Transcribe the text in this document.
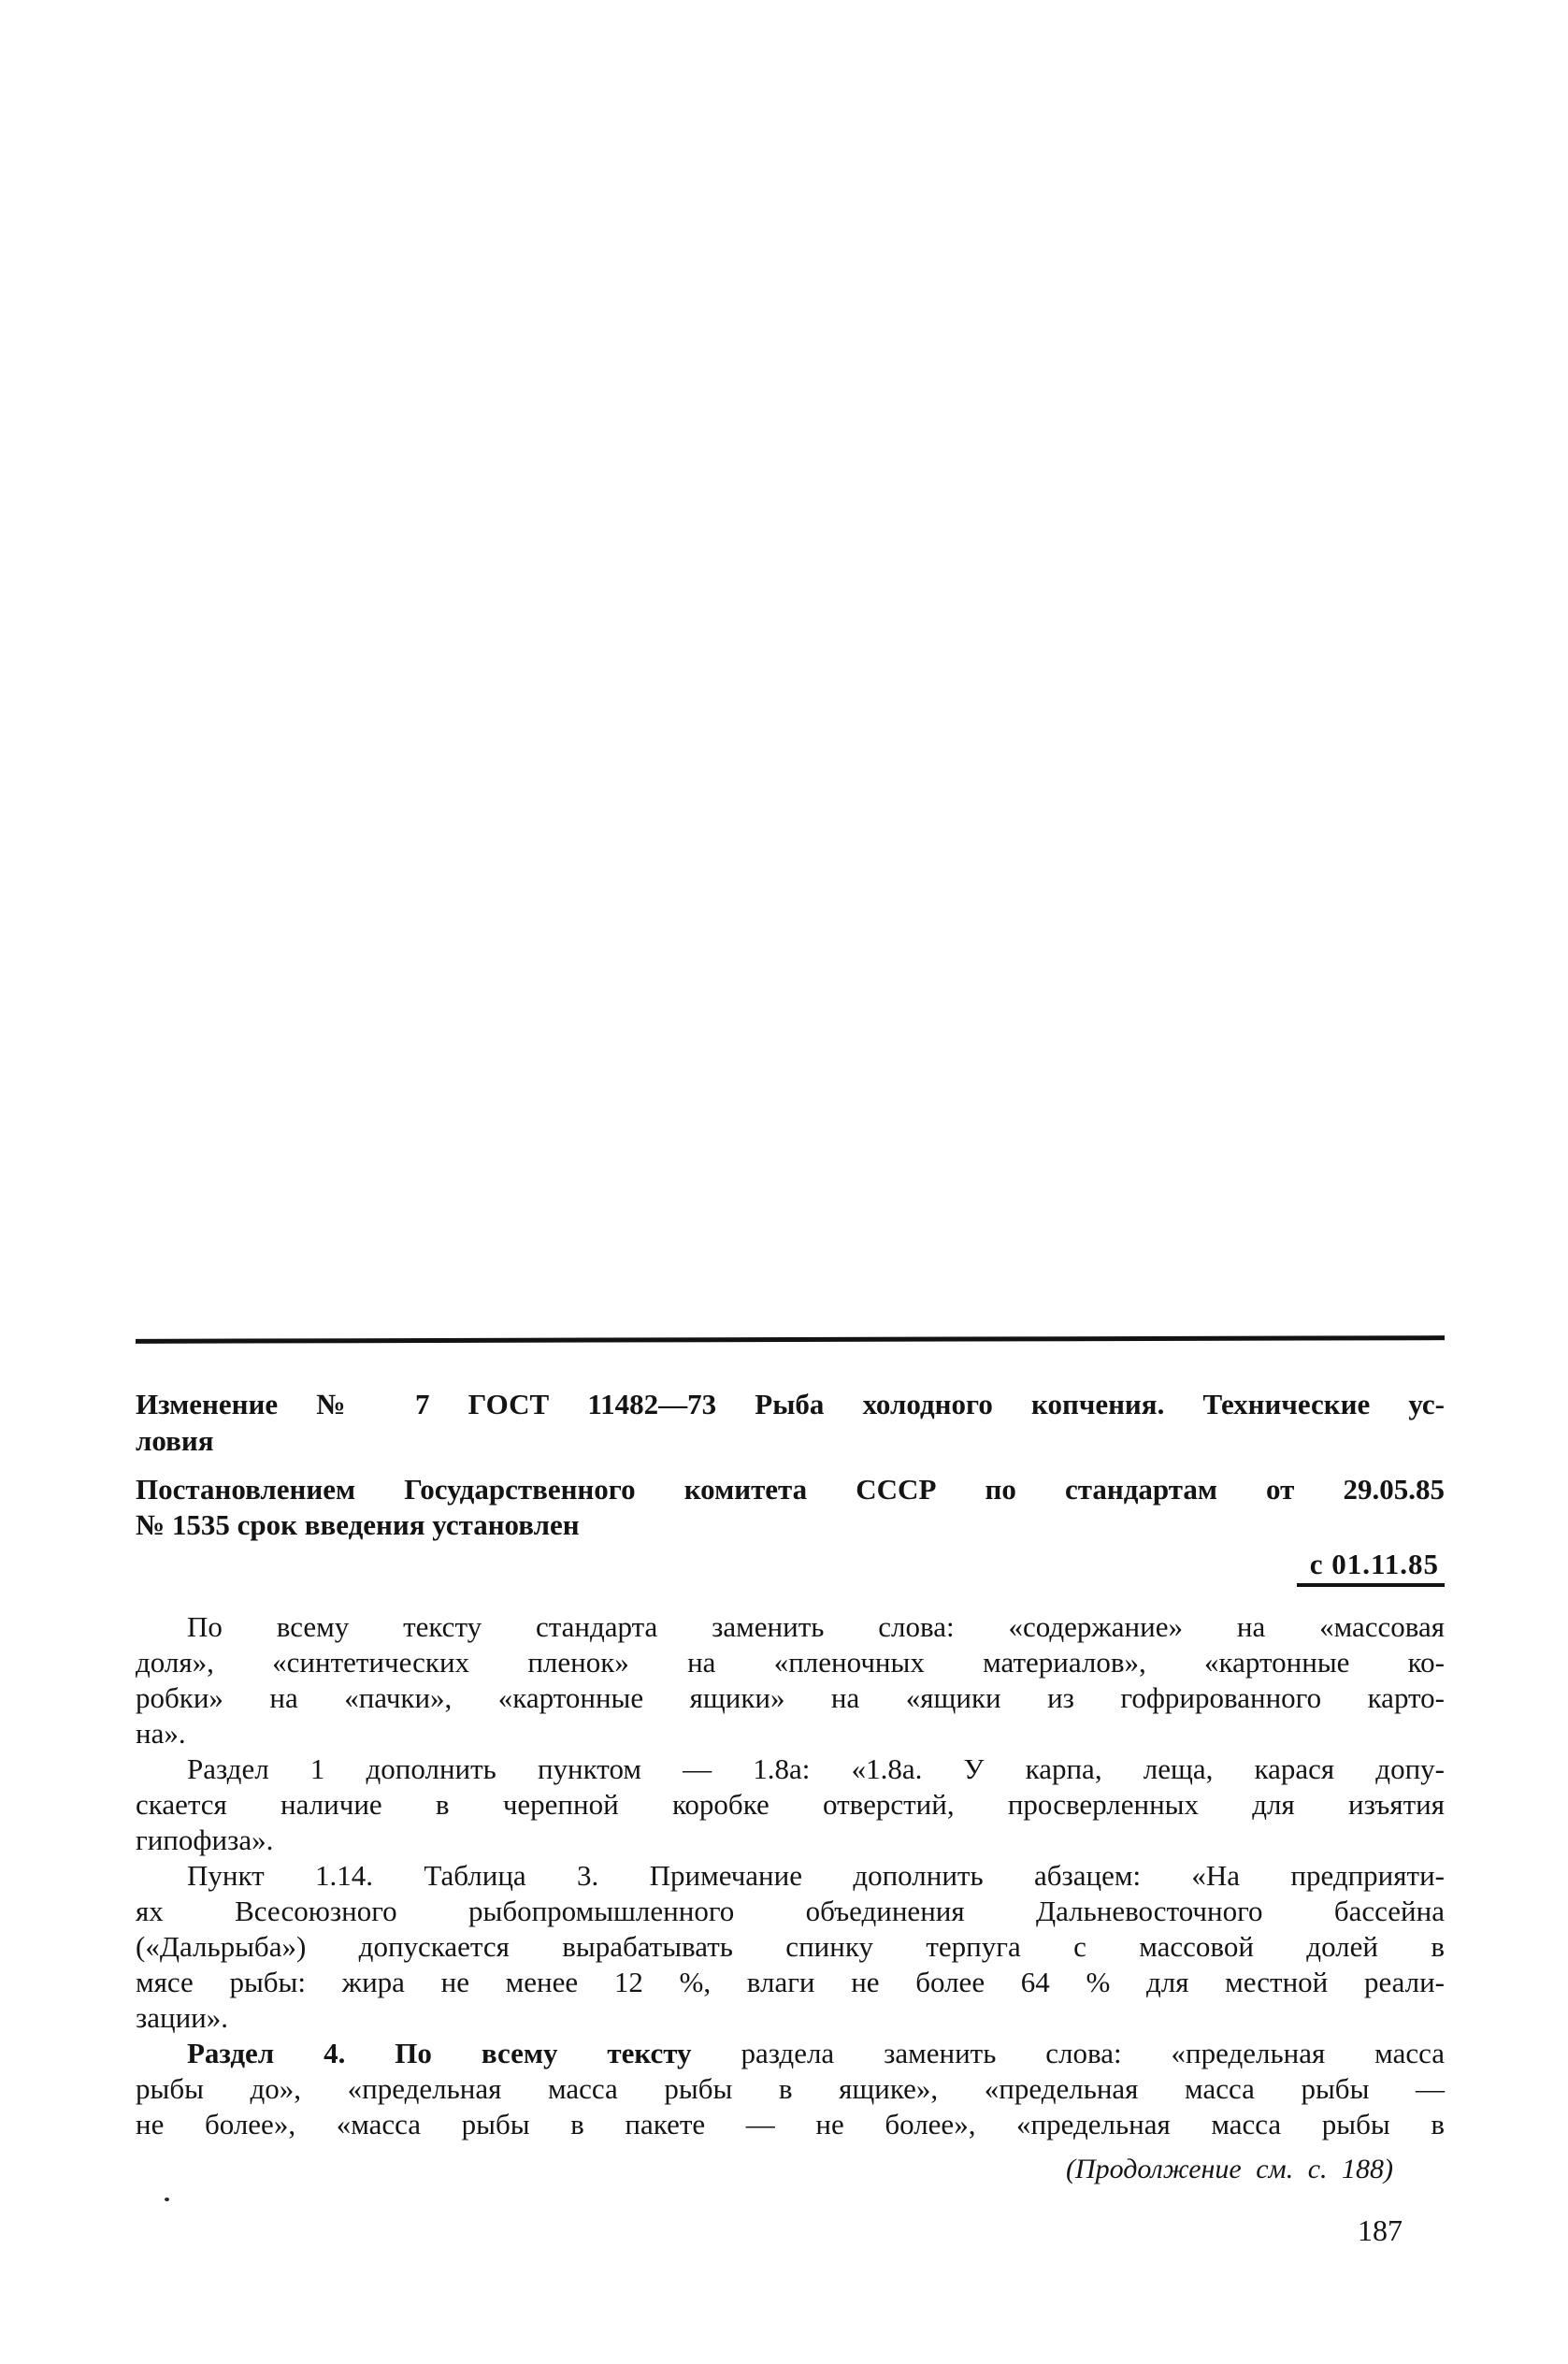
Изменение № 7 ГОСТ 11482—73 Рыба холодного копчения. Технические ус-
ловия
Постановлением Государственного комитета СССР по стандартам от 29.05.85
№ 1535 срок введения установлен
с 01.11.85
По всему тексту стандарта заменить слова: «содержание» на «массовая
доля», «синтетических пленок» на «пленочных материалов», «картонные ко-
робки» на «пачки», «картонные ящики» на «ящики из гофрированного карто-
на».
Раздел 1 дополнить пунктом — 1.8а: «1.8а. У карпа, леща, карася допу-
скается наличие в черепной коробке отверстий, просверленных для изъятия
гипофиза».
Пункт 1.14. Таблица 3. Примечание дополнить абзацем: «На предприяти-
ях Всесоюзного рыбопромышленного объединения Дальневосточного бассейна
(«Дальрыба») допускается вырабатывать спинку терпуга с массовой долей в
мясе рыбы: жира не менее 12 %, влаги не более 64 % для местной реали-
зации».
Раздел 4. По всему тексту раздела заменить слова: «предельная масса
рыбы до», «предельная масса рыбы в ящике», «предельная масса рыбы —
не более», «масса рыбы в пакете — не более», «предельная масса рыбы в
(Продолжение см. с. 188)
187
